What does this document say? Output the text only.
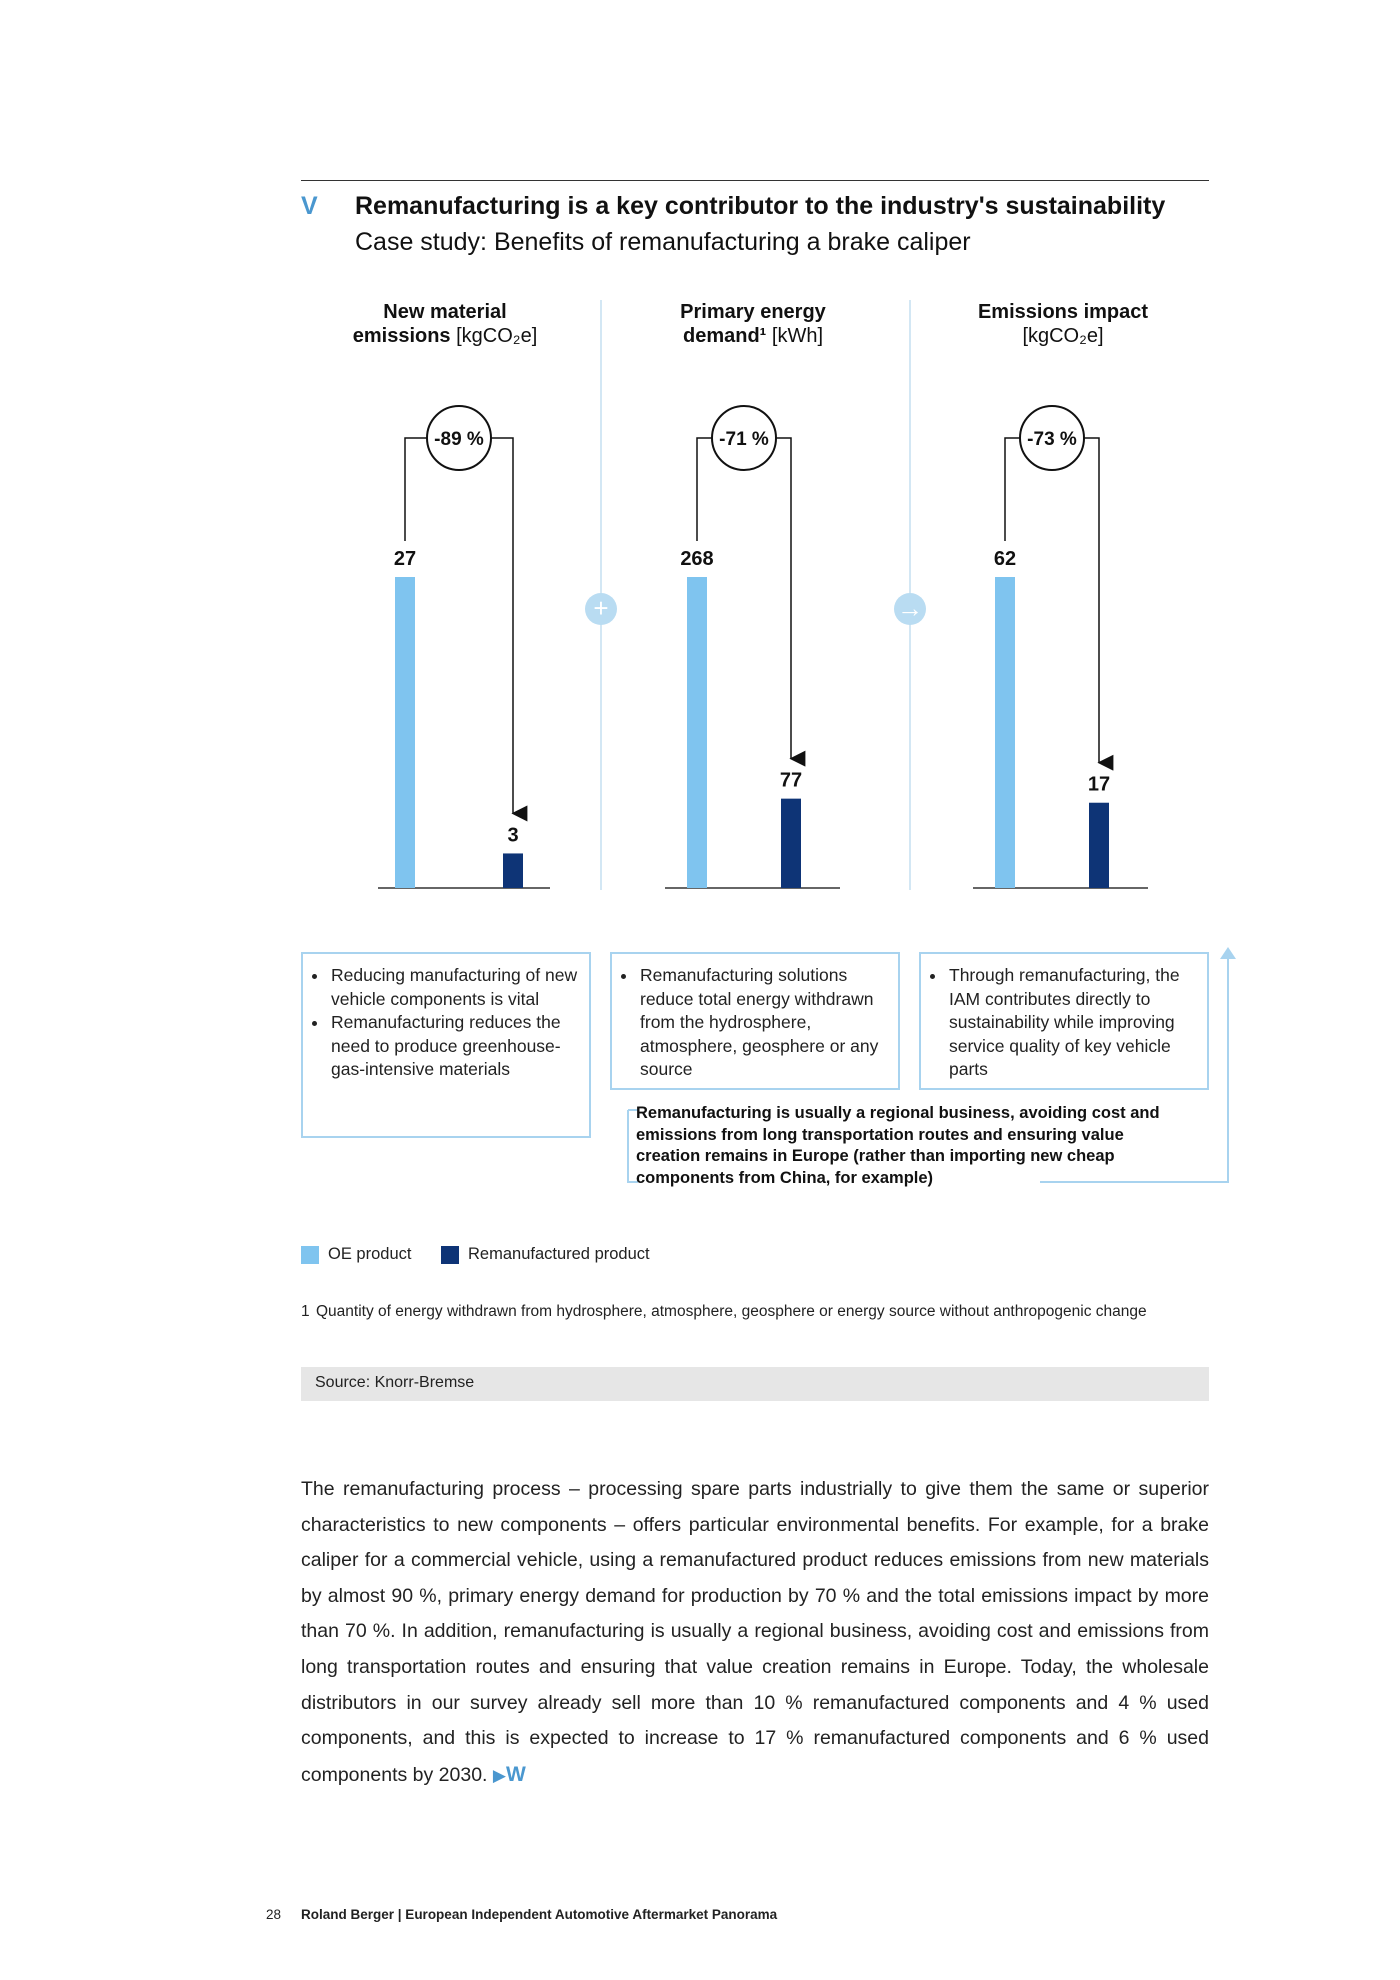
V Remanufacturing is a key contributor to the industry's sustainability
Case study: Benefits of remanufacturing a brake caliper
New material
emissions [kgCO₂e]
Primary energy
demand¹ [kWh]
Emissions impact
[kgCO₂e]
+	→
27
3
-89 %
268
77
-71 %
62
17
-73 %
• Reducing manufacturing of new vehicle components is vital
• Remanufacturing reduces the need to produce greenhouse-gas-intensive materials
• Remanufacturing solutions reduce total energy withdrawn from the hydrosphere, atmosphere, geosphere or any source
• Through remanufacturing, the IAM contributes directly to sustainability while improving service quality of key vehicle parts
Remanufacturing is usually a regional business, avoiding cost and emissions from long transportation routes and ensuring value creation remains in Europe (rather than importing new cheap components from China, for example)
OE product	Remanufactured product
1 Quantity of energy withdrawn from hydrosphere, atmosphere, geosphere or energy source without anthropogenic change
Source: Knorr-Bremse
The remanufacturing process – processing spare parts industrially to give them the same or superior characteristics to new components – offers particular environmental benefits. For example, for a brake caliper for a commercial vehicle, using a remanufactured product reduces emissions from new materials by almost 90 %, primary energy demand for production by 70 % and the total emissions impact by more than 70 %. In addition, remanufacturing is usually a regional business, avoiding cost and emissions from long transportation routes and ensuring that value creation remains in Europe. Today, the wholesale distributors in our survey already sell more than 10 % remanufactured components and 4 % used components, and this is expected to increase to 17 % remanufactured components and 6 % used components by 2030. ▶W
28 Roland Berger | European Independent Automotive Aftermarket Panorama
